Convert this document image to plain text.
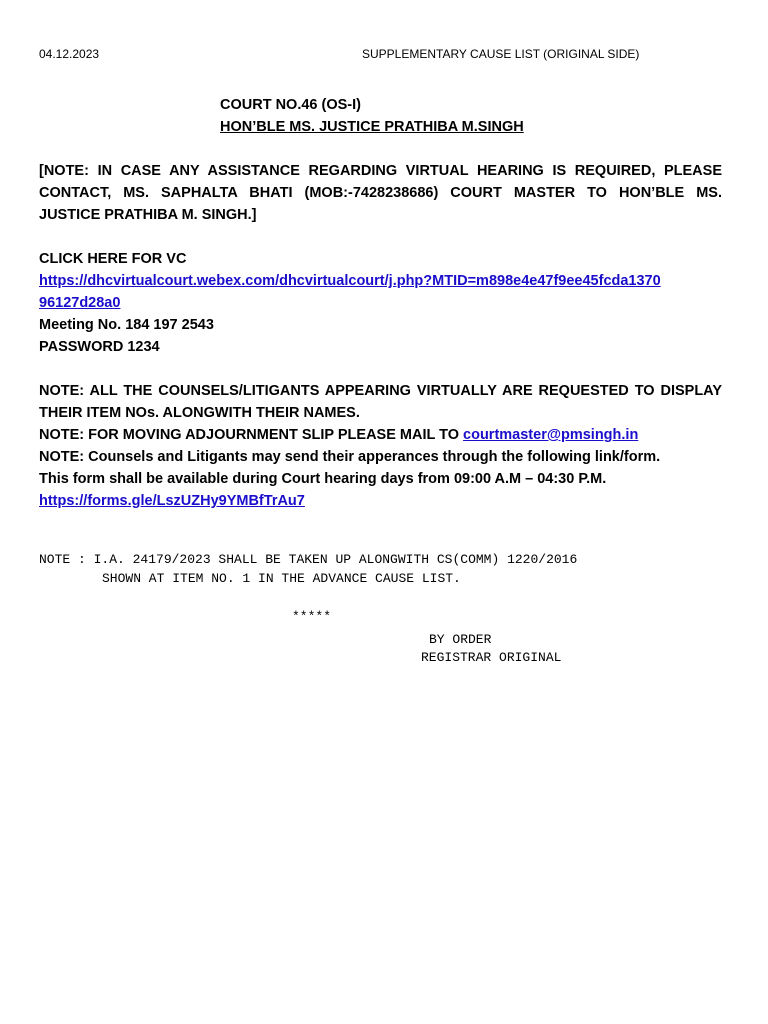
04.12.2023	SUPPLEMENTARY CAUSE LIST (ORIGINAL SIDE)
COURT NO.46 (OS-I)
HON’BLE MS. JUSTICE PRATHIBA M.SINGH
[NOTE: IN CASE ANY ASSISTANCE REGARDING VIRTUAL HEARING IS REQUIRED, PLEASE
CONTACT, MS. SAPHALTA BHATI (MOB:-7428238686) COURT MASTER TO HON’BLE MS.
JUSTICE PRATHIBA M. SINGH.]
CLICK HERE FOR VC
https://dhcvirtualcourt.webex.com/dhcvirtualcourt/j.php?MTID=m898e4e47f9ee45fcda1370
96127d28a0
Meeting No. 184 197 2543
PASSWORD 1234
NOTE: ALL THE COUNSELS/LITIGANTS APPEARING VIRTUALLY ARE REQUESTED TO DISPLAY
THEIR ITEM NOs. ALONGWITH THEIR NAMES.
NOTE: FOR MOVING ADJOURNMENT SLIP PLEASE MAIL TO courtmaster@pmsingh.in
NOTE: Counsels and Litigants may send their apperances through the following link/form.
This form shall be available during Court hearing days from 09:00 A.M – 04:30 P.M.
https://forms.gle/LszUZHy9YMBfTrAu7
NOTE : I.A. 24179/2023 SHALL BE TAKEN UP ALONGWITH CS(COMM) 1220/2016
SHOWN AT ITEM NO. 1 IN THE ADVANCE CAUSE LIST.
*****
BY ORDER
REGISTRAR ORIGINAL
